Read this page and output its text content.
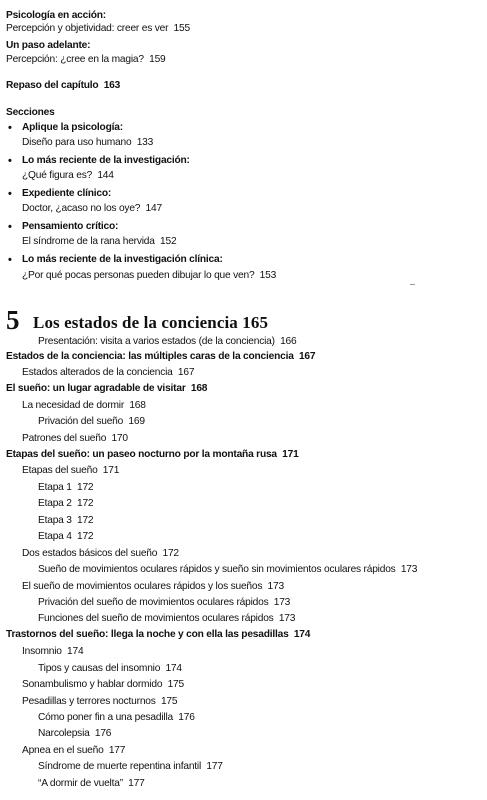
Psicología en acción:
Percepción y objetividad: creer es ver 155
Un paso adelante:
Percepción: ¿cree en la magia? 159
Repaso del capítulo 163
Secciones
• Aplique la psicología:
Diseño para uso humano 133
• Lo más reciente de la investigación:
¿Qué figura es? 144
• Expediente clínico:
Doctor, ¿acaso no los oye? 147
• Pensamiento crítico:
El síndrome de la rana hervida 152
• Lo más reciente de la investigación clínica:
¿Por qué pocas personas pueden dibujar lo que ven? 153
5 Los estados de la conciencia 165
Presentación: visita a varios estados (de la conciencia) 166
Estados de la conciencia: las múltiples caras de la conciencia 167
Estados alterados de la conciencia 167
El sueño: un lugar agradable de visitar 168
La necesidad de dormir 168
Privación del sueño 169
Patrones del sueño 170
Etapas del sueño: un paseo nocturno por la montaña rusa 171
Etapas del sueño 171
Etapa 1 172
Etapa 2 172
Etapa 3 172
Etapa 4 172
Dos estados básicos del sueño 172
Sueño de movimientos oculares rápidos y sueño sin movimientos oculares rápidos 173
El sueño de movimientos oculares rápidos y los sueños 173
Privación del sueño de movimientos oculares rápidos 173
Funciones del sueño de movimientos oculares rápidos 173
Trastornos del sueño: llega la noche y con ella las pesadillas 174
Insomnio 174
Tipos y causas del insomnio 174
Sonambulismo y hablar dormido 175
Pesadillas y terrores nocturnos 175
Cómo poner fin a una pesadilla 176
Narcolepsia 176
Apnea en el sueño 177
Síndrome de muerte repentina infantil 177
“A dormir de vuelta” 177
